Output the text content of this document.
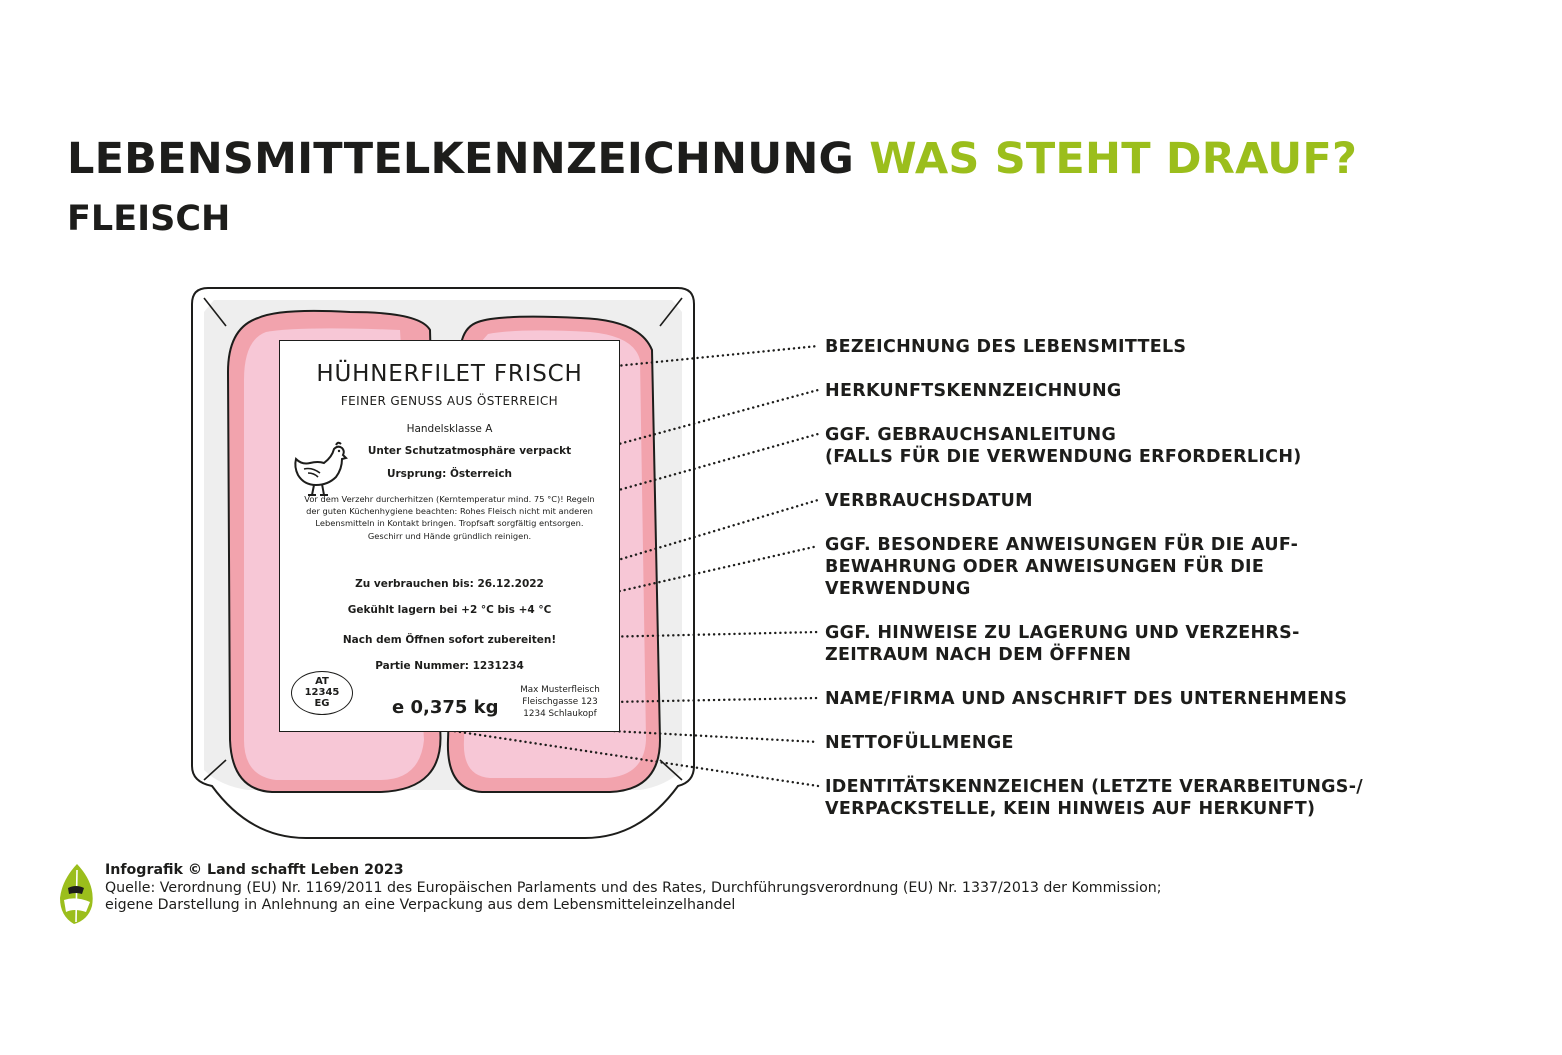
LEBENSMITTELKENNZEICHNUNG WAS STEHT DRAUF?
FLEISCH
HÜHNERFILET FRISCH
FEINER GENUSS AUS ÖSTERREICH
Handelsklasse A
Unter Schutzatmosphäre verpackt
Ursprung: Österreich
Vor dem Verzehr durcherhitzen (Kerntemperatur mind. 75 °C)! Regeln der guten Küchenhygiene beachten: Rohes Fleisch nicht mit anderen Lebensmitteln in Kontakt bringen. Tropfsaft sorgfältig entsorgen. Geschirr und Hände gründlich reinigen.
Zu verbrauchen bis: 26.12.2022
Gekühlt lagern bei +2 °C bis +4 °C
Nach dem Öffnen sofort zubereiten!
Partie Nummer: 1231234
AT
12345
EG	e 0,375 kg
Max Musterfleisch
Fleischgasse 123
1234 Schlaukopf

BEZEICHNUNG DES LEBENSMITTELS

HERKUNFTSKENNZEICHNUNG

GGF. GEBRAUCHSANLEITUNG
(FALLS FÜR DIE VERWENDUNG ERFORDERLICH)

VERBRAUCHSDATUM

GGF. BESONDERE ANWEISUNGEN FÜR DIE AUF-
BEWAHRUNG ODER ANWEISUNGEN FÜR DIE
VERWENDUNG

GGF. HINWEISE ZU LAGERUNG UND VERZEHRS-
ZEITRAUM NACH DEM ÖFFNEN

NAME/FIRMA UND ANSCHRIFT DES UNTERNEHMENS

NETTOFÜLLMENGE

IDENTITÄTSKENNZEICHEN (LETZTE VERARBEITUNGS-/
VERPACKSTELLE, KEIN HINWEIS AUF HERKUNFT)

Infografik © Land schafft Leben 2023
Quelle: Verordnung (EU) Nr. 1169/2011 des Europäischen Parlaments und des Rates, Durchführungsverordnung (EU) Nr. 1337/2013 der Kommission;
eigene Darstellung in Anlehnung an eine Verpackung aus dem Lebensmitteleinzelhandel
